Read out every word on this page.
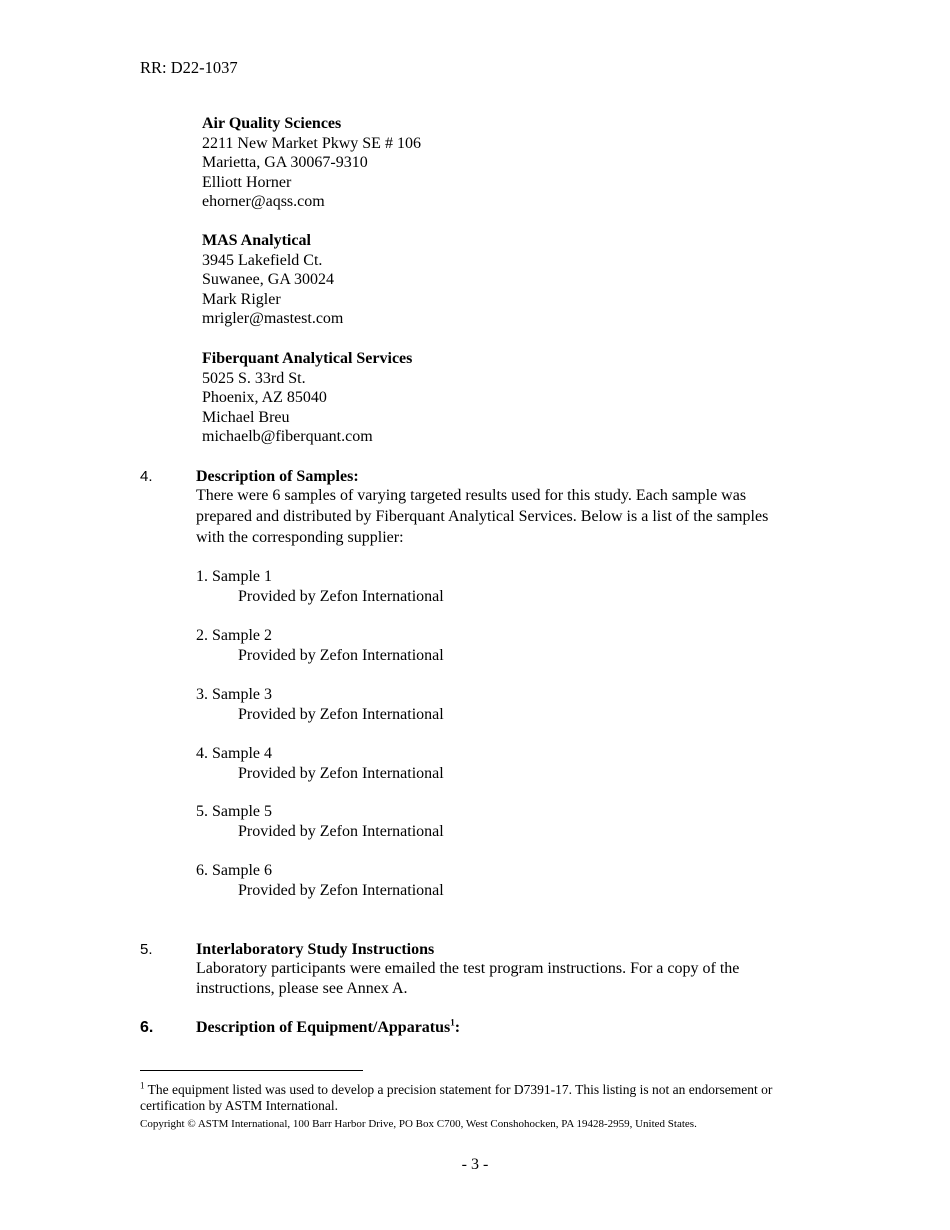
RR: D22-1037
Air Quality Sciences
2211 New Market Pkwy SE # 106
Marietta, GA 30067-9310
Elliott Horner
ehorner@aqss.com
MAS Analytical
3945 Lakefield Ct.
Suwanee, GA 30024
Mark Rigler
mrigler@mastest.com
Fiberquant Analytical Services
5025 S. 33rd St.
Phoenix, AZ 85040
Michael Breu
michaelb@fiberquant.com
4.	Description of Samples:
There were 6 samples of varying targeted results used for this study. Each sample was prepared and distributed by Fiberquant Analytical Services. Below is a list of the samples with the corresponding supplier:
1. Sample 1
Provided by Zefon International
2. Sample 2
Provided by Zefon International
3. Sample 3
Provided by Zefon International
4. Sample 4
Provided by Zefon International
5. Sample 5
Provided by Zefon International
6. Sample 6
Provided by Zefon International
5.	Interlaboratory Study Instructions
Laboratory participants were emailed the test program instructions. For a copy of the instructions, please see Annex A.
6.	Description of Equipment/Apparatus$^1$:
$^1$ The equipment listed was used to develop a precision statement for D7391-17. This listing is not an endorsement or certification by ASTM International.
Copyright © ASTM International, 100 Barr Harbor Drive, PO Box C700, West Conshohocken, PA 19428-2959, United States.
- 3 -
